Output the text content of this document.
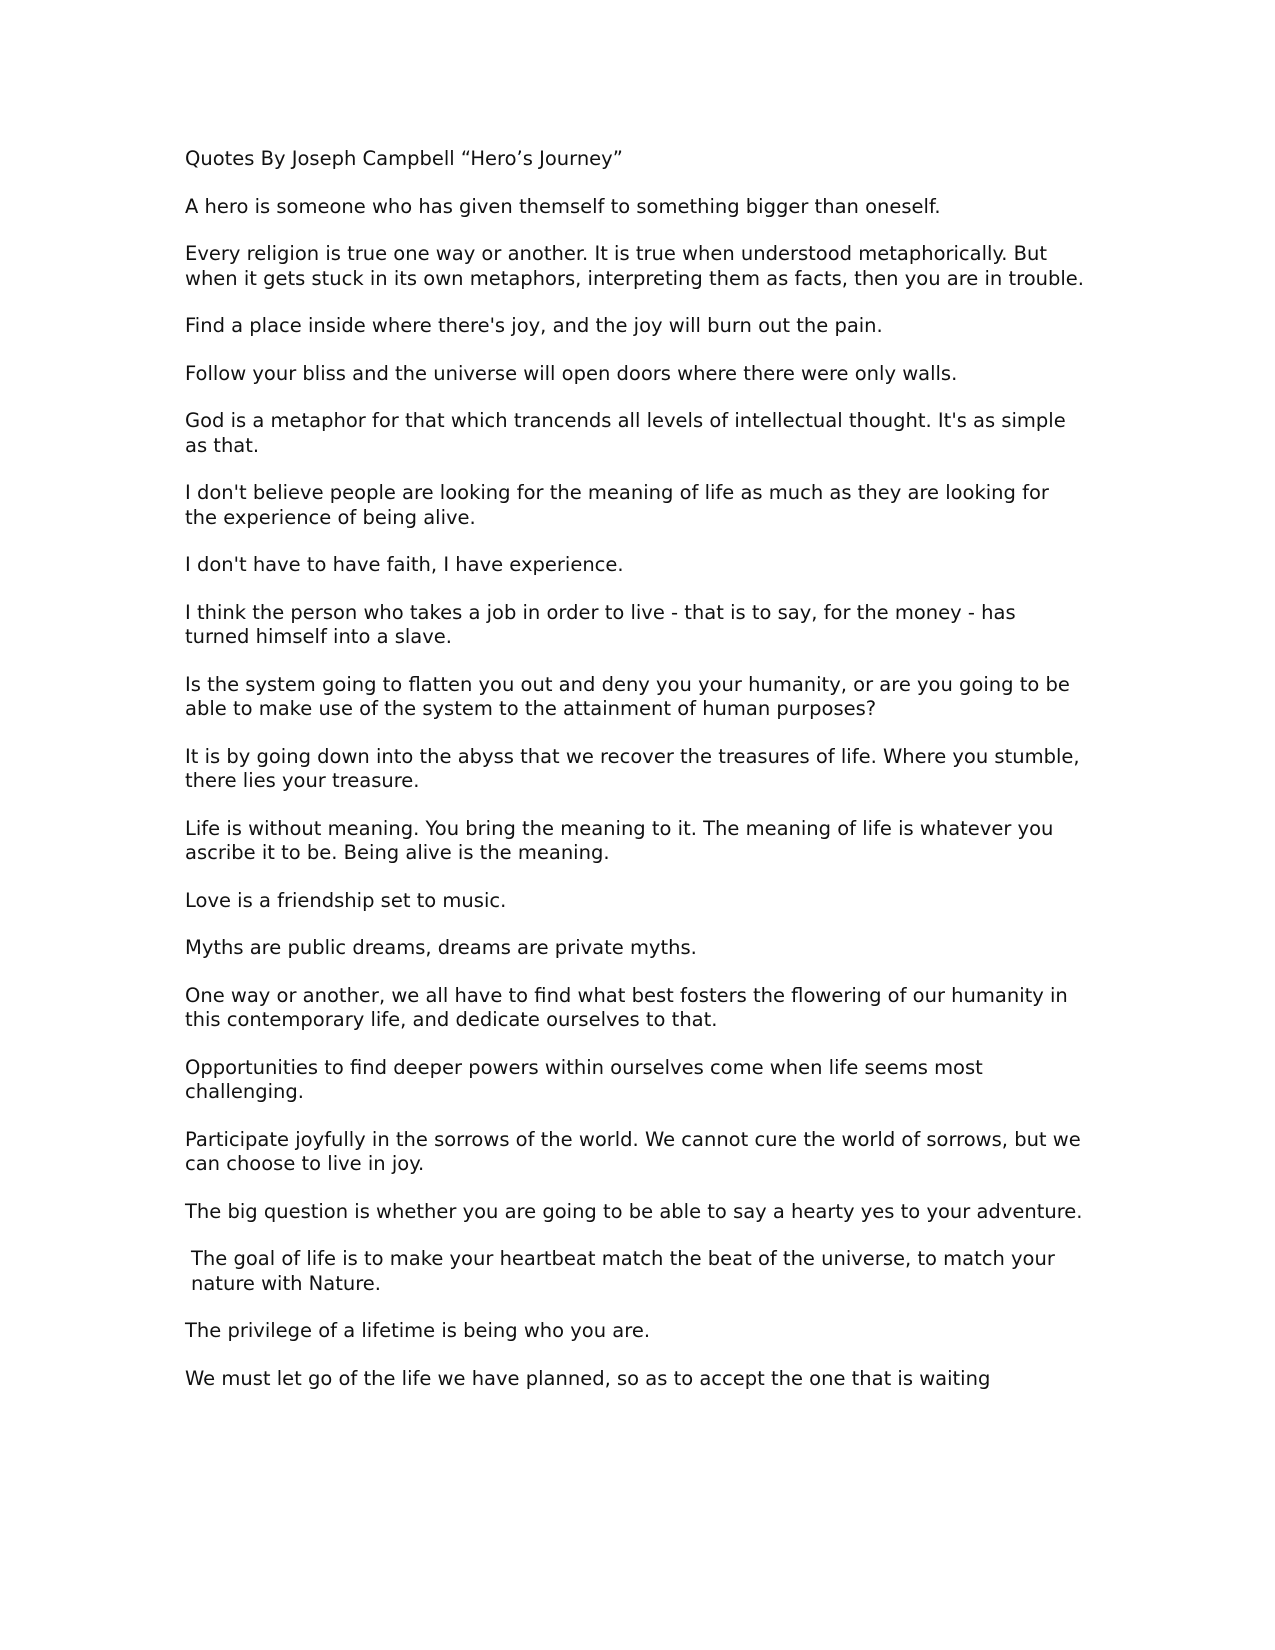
Quotes By Joseph Campbell “Hero’s Journey”

A hero is someone who has given themself to something bigger than oneself.

Every religion is true one way or another. It is true when understood metaphorically. But when it gets stuck in its own metaphors, interpreting them as facts, then you are in trouble.

Find a place inside where there's joy, and the joy will burn out the pain.

Follow your bliss and the universe will open doors where there were only walls.

God is a metaphor for that which trancends all levels of intellectual thought. It's as simple as that.

I don't believe people are looking for the meaning of life as much as they are looking for the experience of being alive.

I don't have to have faith, I have experience.

I think the person who takes a job in order to live - that is to say, for the money - has turned himself into a slave.

Is the system going to flatten you out and deny you your humanity, or are you going to be able to make use of the system to the attainment of human purposes?

It is by going down into the abyss that we recover the treasures of life. Where you stumble, there lies your treasure.

Life is without meaning. You bring the meaning to it. The meaning of life is whatever you ascribe it to be. Being alive is the meaning.

Love is a friendship set to music.

Myths are public dreams, dreams are private myths.

One way or another, we all have to find what best fosters the flowering of our humanity in this contemporary life, and dedicate ourselves to that.

Opportunities to find deeper powers within ourselves come when life seems most challenging.

Participate joyfully in the sorrows of the world. We cannot cure the world of sorrows, but we can choose to live in joy.

The big question is whether you are going to be able to say a hearty yes to your adventure.

The goal of life is to make your heartbeat match the beat of the universe, to match your nature with Nature.

The privilege of a lifetime is being who you are.

We must let go of the life we have planned, so as to accept the one that is waiting
